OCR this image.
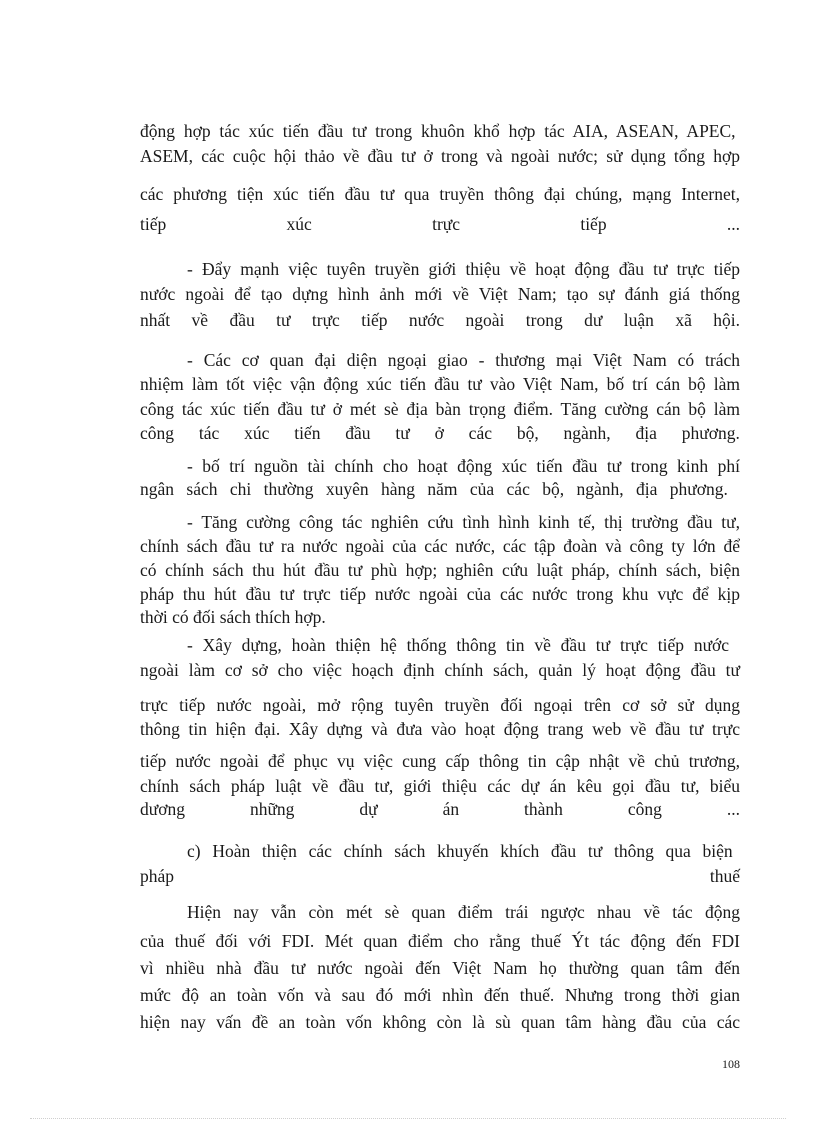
động hợp tác xúc tiến đầu tư trong khuôn khổ hợp tác AIA, ASEAN, APEC,
ASEM, các cuộc hội thảo về đầu tư ở trong và ngoài nước; sử dụng tổng hợp
các phương tiện xúc tiến đầu tư qua truyền thông đại chúng, mạng Internet,
tiếp	xúc	trực	tiếp	...
- Đẩy mạnh việc tuyên truyền giới thiệu về hoạt động đầu tư trực tiếp
nước ngoài để tạo dựng hình ảnh mới về Việt Nam; tạo sự đánh giá thống
nhất về đầu tư trực tiếp nước ngoài trong dư luận xã hội.
- Các cơ quan đại diện ngoại giao - thương mại Việt Nam có trách
nhiệm làm tốt việc vận động xúc tiến đầu tư vào Việt Nam, bố trí cán bộ làm
công tác xúc tiến đầu tư ở mét sè địa bàn trọng điểm. Tăng cường cán bộ làm
công tác xúc tiến đầu tư ở các bộ, ngành, địa phương.
- bố trí nguồn tài chính cho hoạt động xúc tiến đầu tư trong kinh phí
ngân sách chi thường xuyên hàng năm của các bộ, ngành, địa phương.
- Tăng cường công tác nghiên cứu tình hình kinh tế, thị trường đầu tư,
chính sách đầu tư ra nước ngoài của các nước, các tập đoàn và công ty lớn để
có chính sách thu hút đầu tư phù hợp; nghiên cứu luật pháp, chính sách, biện
pháp thu hút đầu tư trực tiếp nước ngoài của các nước trong khu vực để kịp
thời có đối sách thích hợp.
- Xây dựng, hoàn thiện hệ thống thông tin về đầu tư trực tiếp nước
ngoài làm cơ sở cho việc hoạch định chính sách, quản lý hoạt động đầu tư
trực tiếp nước ngoài, mở rộng tuyên truyền đối ngoại trên cơ sở sử dụng
thông tin hiện đại. Xây dựng và đưa vào hoạt động trang web về đầu tư trực
tiếp nước ngoài để phục vụ việc cung cấp thông tin cập nhật về chủ trương,
chính sách pháp luật về đầu tư, giới thiệu các dự án kêu gọi đầu tư, biểu
dương	những	dự	án	thành	công	...
c) Hoàn thiện các chính sách khuyến khích đầu tư thông qua biện
pháp	thuế
Hiện nay vẫn còn mét sè quan điểm trái ngược nhau về tác động
của thuế đối với FDI. Mét quan điểm cho rằng thuế Ýt tác động đến FDI
vì nhiều nhà đầu tư nước ngoài đến Việt Nam họ thường quan tâm đến
mức độ an toàn vốn và sau đó mới nhìn đến thuế. Nhưng trong thời gian
hiện nay vấn đề an toàn vốn không còn là sù quan tâm hàng đầu của các
108
